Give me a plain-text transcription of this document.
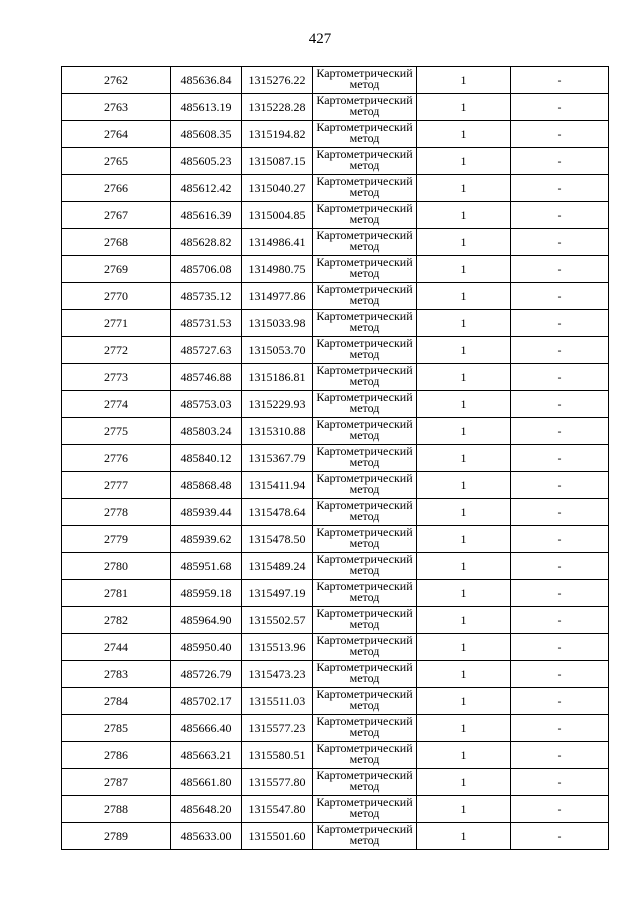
427
2762	485636.84	1315276.22	Картометрический метод	1	-
2763	485613.19	1315228.28	Картометрический метод	1	-
2764	485608.35	1315194.82	Картометрический метод	1	-
2765	485605.23	1315087.15	Картометрический метод	1	-
2766	485612.42	1315040.27	Картометрический метод	1	-
2767	485616.39	1315004.85	Картометрический метод	1	-
2768	485628.82	1314986.41	Картометрический метод	1	-
2769	485706.08	1314980.75	Картометрический метод	1	-
2770	485735.12	1314977.86	Картометрический метод	1	-
2771	485731.53	1315033.98	Картометрический метод	1	-
2772	485727.63	1315053.70	Картометрический метод	1	-
2773	485746.88	1315186.81	Картометрический метод	1	-
2774	485753.03	1315229.93	Картометрический метод	1	-
2775	485803.24	1315310.88	Картометрический метод	1	-
2776	485840.12	1315367.79	Картометрический метод	1	-
2777	485868.48	1315411.94	Картометрический метод	1	-
2778	485939.44	1315478.64	Картометрический метод	1	-
2779	485939.62	1315478.50	Картометрический метод	1	-
2780	485951.68	1315489.24	Картометрический метод	1	-
2781	485959.18	1315497.19	Картометрический метод	1	-
2782	485964.90	1315502.57	Картометрический метод	1	-
2744	485950.40	1315513.96	Картометрический метод	1	-
2783	485726.79	1315473.23	Картометрический метод	1	-
2784	485702.17	1315511.03	Картометрический метод	1	-
2785	485666.40	1315577.23	Картометрический метод	1	-
2786	485663.21	1315580.51	Картометрический метод	1	-
2787	485661.80	1315577.80	Картометрический метод	1	-
2788	485648.20	1315547.80	Картометрический метод	1	-
2789	485633.00	1315501.60	Картометрический метод	1	-
